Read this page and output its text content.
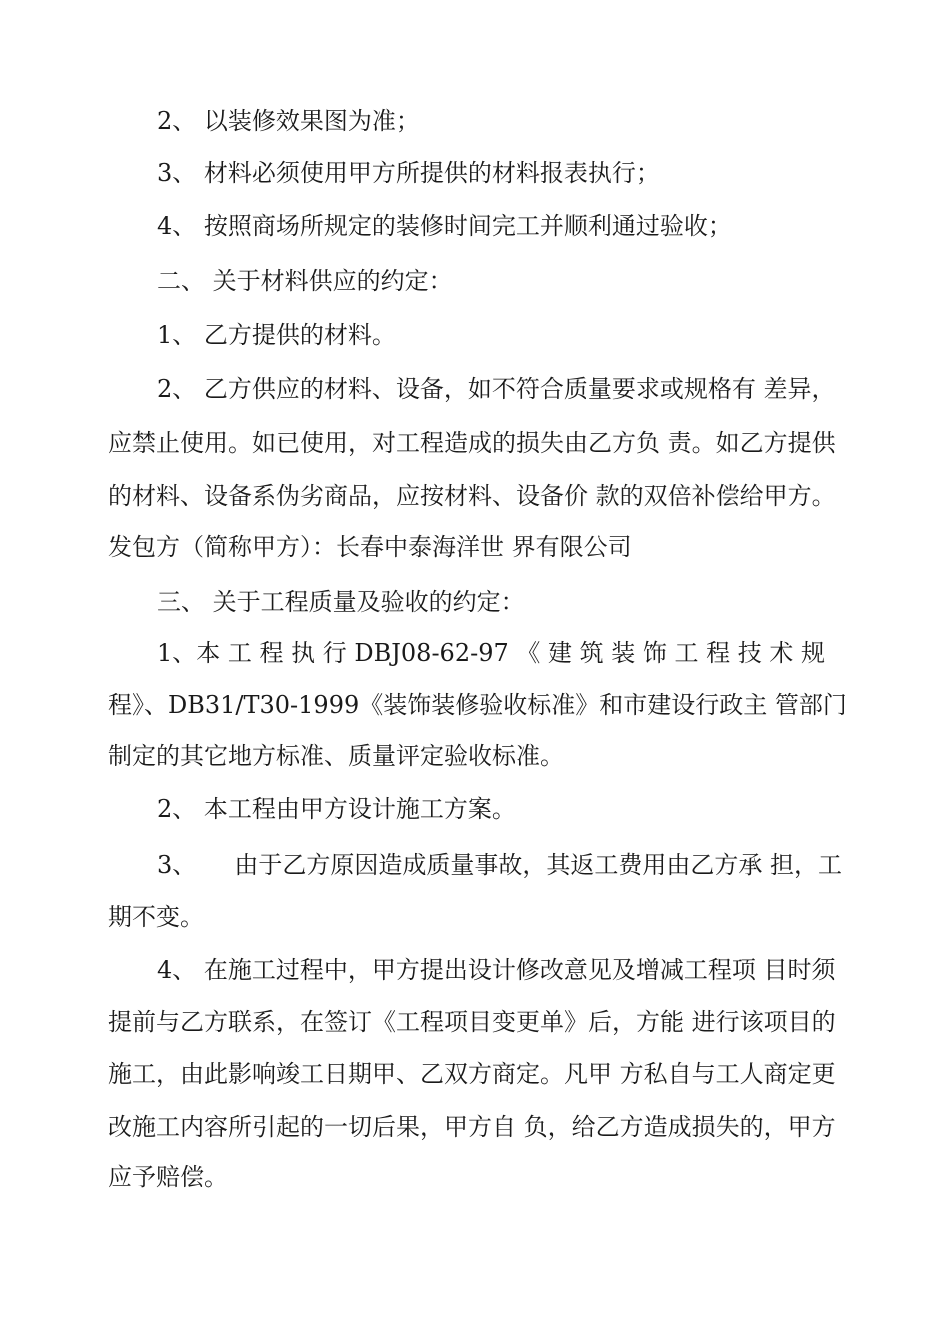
2、 以装修效果图为准；
3、 材料必须使用甲方所提供的材料报表执行；
4、 按照商场所规定的装修时间完工并顺利通过验收；
二、 关于材料供应的约定：
1、 乙方提供的材料。
2、 乙方供应的材料、设备，如不符合质量要求或规格有 差异，
应禁止使用。如已使用，对工程造成的损失由乙方负 责。如乙方提供
的材料、设备系伪劣商品，应按材料、设备价 款的双倍补偿给甲方。
发包方（简称甲方）：长春中泰海洋世 界有限公司
三、 关于工程质量及验收的约定：
1、本 工 程 执 行 DBJ08-62-97 《 建 筑 装 饰 工 程 技 术 规
程》、DB31/T30-1999《装饰装修验收标准》和市建设行政主 管部门
制定的其它地方标准、质量评定验收标准。
2、 本工程由甲方设计施工方案。
3、     由于乙方原因造成质量事故，其返工费用由乙方承 担，工
期不变。
4、 在施工过程中，甲方提出设计修改意见及增减工程项 目时须
提前与乙方联系，在签订《工程项目变更单》后，方能 进行该项目的
施工，由此影响竣工日期甲、乙双方商定。凡甲 方私自与工人商定更
改施工内容所引起的一切后果，甲方自 负，给乙方造成损失的，甲方
应予赔偿。
